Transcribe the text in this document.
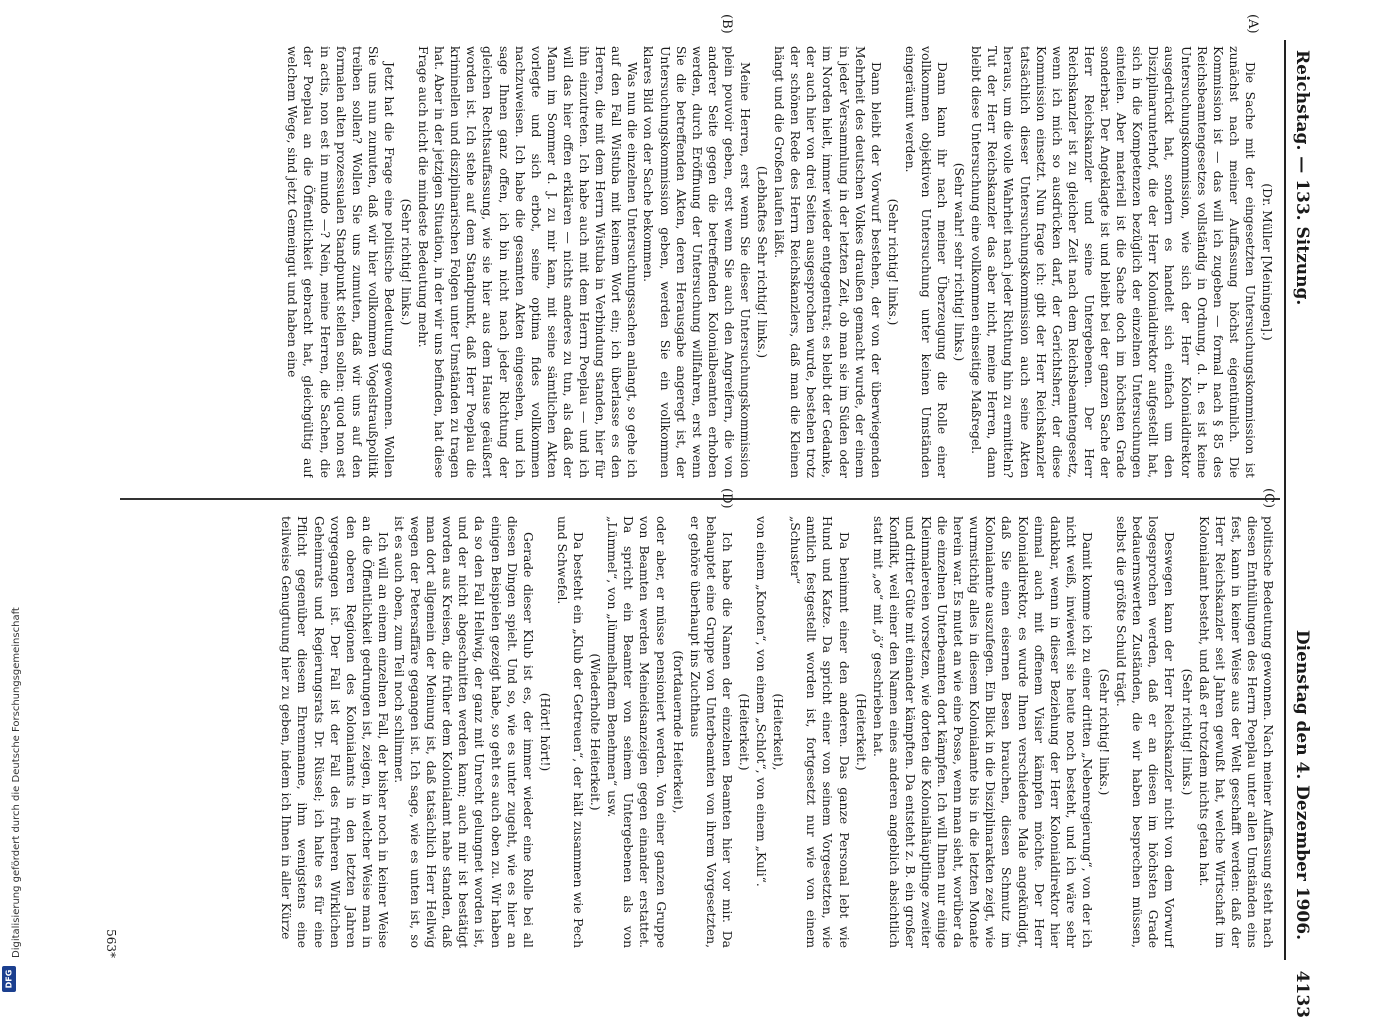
Digitalisierung gefördert durch die Deutsche Forschungsgemeinschaft
DFG
Reichstag. — 133. Sitzung.
Dienstag den 4. Dezember 1906.
4133
(A)
(B)
(C)
(D)

(Dr. Müller [Meiningen].)

Die Sache mit der eingesetzten Untersuchungskommission ist zunächst nach meiner Auffassung höchst eigentümlich. Die Kommission ist — das will ich zugeben — formal nach § 85 des Reichsbeamtengesetzes vollständig in Ordnung, d. h. es ist keine Untersuchungskommission, wie sich der Herr Kolonialdirektor ausgedrückt hat, sondern es handelt sich einfach um den Disziplinarunterhof, die der Herr Kolonialdirektor aufgestellt hat, sich in die Kompetenzen bezüglich der einzelnen Untersuchungen einteilen. Aber materiell ist die Sache doch im höchsten Grade sonderbar. Der Angeklagte ist und bleibt bei der ganzen Sache der Herr Reichskanzler und seine Untergebenen. Der Herr Reichskanzler ist zu gleicher Zeit nach dem Reichsbeamtengesetz, wenn ich mich so ausdrücken darf, der Gerichtsherr, der diese Kommission einsetzt. Nun frage ich: gibt der Herr Reichskanzler tatsächlich dieser Untersuchungskommission auch seine Akten heraus, um die volle Wahrheit nach jeder Richtung hin zu ermitteln? Tut der Herr Reichskanzler das aber nicht, meine Herren, dann bleibt diese Untersuchung eine vollkommen einseitige Maßregel.

(Sehr wahr! sehr richtig! links.)

Dann kann ihr nach meiner Überzeugung die Rolle einer vollkommen objektiven Untersuchung unter keinen Umständen eingeräumt werden.

(Sehr richtig! links.)

Dann bleibt der Vorwurf bestehen, der von der überwiegenden Mehrheit des deutschen Volkes draußen gemacht wurde, der einem in jeder Versammlung in der letzten Zeit, ob man sie im Süden oder im Norden hielt, immer wieder entgegentrat; es bleibt der Gedanke, der auch hier von drei Seiten ausgesprochen wurde, bestehen trotz der schönen Rede des Herrn Reichskanzlers, daß man die Kleinen hängt und die Großen laufen läßt.

(Lebhaftes Sehr richtig! links.)

Meine Herren, erst wenn Sie dieser Untersuchungskommission plein pouvoir geben, erst wenn Sie auch den Angreifern, die von anderer Seite gegen die betreffenden Kolonialbeamten erhoben werden, durch Eröffnung der Untersuchung willfahren, erst wenn Sie die betreffenden Akten, deren Herausgabe angeregt ist, der Untersuchungskommission geben, werden Sie ein vollkommen klares Bild von der Sache bekommen.

Was nun die einzelnen Untersuchungssachen anlangt, so gehe ich auf den Fall Wistuba mit keinem Wort ein; ich überlasse es den Herren, die mit dem Herrn Wistuba in Verbindung standen, hier für ihn einzutreten. Ich habe auch mit dem Herrn Poeplau — und ich will das hier offen erklären — nichts anderes zu tun, als daß der Mann im Sommer d. J. zu mir kam, mit seine sämtlichen Akten vorlegte und sich erbot, seine optima fides vollkommen nachzuweisen. Ich habe die gesamten Akten eingesehen, und ich sage Ihnen ganz offen, ich bin nicht nach jeder Richtung der gleichen Rechtsauffassung, wie sie hier aus dem Hause geäußert worden ist. Ich stehe auf dem Standpunkt, daß Herr Poeplau die kriminellen und disziplinarischen Folgen unter Umständen zu tragen hat. Aber in der jetzigen Situation, in der wir uns befinden, hat diese Frage auch nicht die mindeste Bedeutung mehr.

(Sehr richtig! links.)

Jetzt hat die Frage eine politische Bedeutung gewonnen. Wollen Sie uns nun zumuten, daß wir hier vollkommen Vogelstraußpolitik treiben sollen? Wollen Sie uns zumuten, daß wir uns auf den formalen alten prozessualen Standpunkt stellen sollen: quod non est in actis, non est in mundo —? Nein, meine Herren, die Sachen, die der Poeplau an die Öffentlichkeit gebracht hat, gleichgültig auf welchem Wege, sind jetzt Gemeingut und haben eine

politische Bedeutung gewonnen. Nach meiner Auffassung steht nach diesen Enthüllungen des Herrn Poeplau unter allen Umständen eins fest, kann in keiner Weise aus der Welt geschafft werden: daß der Herr Reichskanzler seit Jahren gewußt hat, welche Wirtschaft im Kolonialamt besteht, und daß er trotzdem nichts getan hat.

(Sehr richtig! links.)

Deswegen kann der Herr Reichskanzler nicht von dem Vorwurf losgesprochen werden, daß er an diesen im höchsten Grade bedauernswerten Zuständen, die wir haben besprechen müssen, selbst die größte Schuld trägt.

(Sehr richtig! links.)

Damit komme ich zu einer dritten „Nebenregierung“, von der ich nicht weiß, inwieweit sie heute noch besteht, und ich wäre sehr dankbar, wenn in dieser Beziehung der Herr Kolonialdirektor hier einmal auch mit offenem Visier kämpfen möchte. Der Herr Kolonialdirektor, es wurde Ihnen verschiedene Male angekündigt, daß Sie einen eisernen Besen brauchen, diesen Schmutz im Kolonialamte auszufegen. Ein Blick in die Disziplinarakten zeigt, wie wurmstichig alles in diesem Kolonialamte bis in die letzten Monate herein war. Es mutet an wie eine Posse, wenn man sieht, worüber da die einzelnen Unterbeamten dort kämpfen. Ich will Ihnen nur einige Kleinmalereien vorsetzen, wie dorten die Kolonialhäuptlinge zweiter und dritter Güte mit einander kämpften. Da entsteht z. B. ein großer Konflikt, weil einer den Namen eines anderen angeblich absichtlich statt mit „oe“ mit „ö“ geschrieben hat.

(Heiterkeit.)

Da benimmt einer den anderen. Das ganze Personal lebt wie Hund und Katze. Da spricht einer von seinem Vorgesetzten, wie amtlich festgestellt worden ist, fortgesetzt nur wie von einem „Schuster“

(Heiterkeit),

von einem „Knoten“, von einem „Schlot“, von einem „Kuli“.

(Heiterkeit.)

Ich habe die Namen der einzelnen Beamten hier vor mir. Da behauptet eine Gruppe von Unterbeamten von ihrem Vorgesetzten, er gehöre überhaupt ins Zuchthaus

(fortdauernde Heiterkeit),

oder aber, er müsse pensioniert werden. Von einer ganzen Gruppe von Beamten werden Meineidsanzeigen gegen einander erstattet. Da spricht ein Beamter von seinem Untergebenen als von „Lümmel“, von „lümmelhaftem Benehmen“ usw.

(Wiederholte Heiterkeit.)

Da besteht ein „Klub der Getreuen“, der hält zusammen wie Pech und Schwefel.

(Hört! hört!)

Gerade dieser Klub ist es, der immer wieder eine Rolle bei all diesen Dingen spielt. Und so, wie es unter zugeht, wie es hier an einigen Beispielen gezeigt habe, so geht es auch oben zu. Wir haben da so den Fall Hellwig, der ganz mit Unrecht gelungnet worden ist, und der nicht abgeschnitten werden kann; auch mir ist bestätigt worden aus Kreisen, die früher dem Kolonialamt nahe standen, daß man dort allgemein der Meinung ist, daß tatsächlich Herr Hellwig wegen der Petersaffäre gegangen ist. Ich sage, wie es unten ist, so ist es auch oben, zum Teil noch schlimmer.

Ich will an einem einzelnen Fall, der bisher noch in keiner Weise an die Öffentlichkeit gedrungen ist, zeigen, in welcher Weise man in den oberen Regionen des Kolonialamts in den letzten Jahren vorgegangen ist. Der Fall ist der Fall des früheren Wirklichen Geheimrats und Regierungsrats Dr. Rüssel; ich halte es für eine Pflicht gegenüber diesem Ehrenmanne, ihm wenigstens eine teilweise Genugtuung hier zu geben, indem ich Ihnen in aller Kürze

563*
